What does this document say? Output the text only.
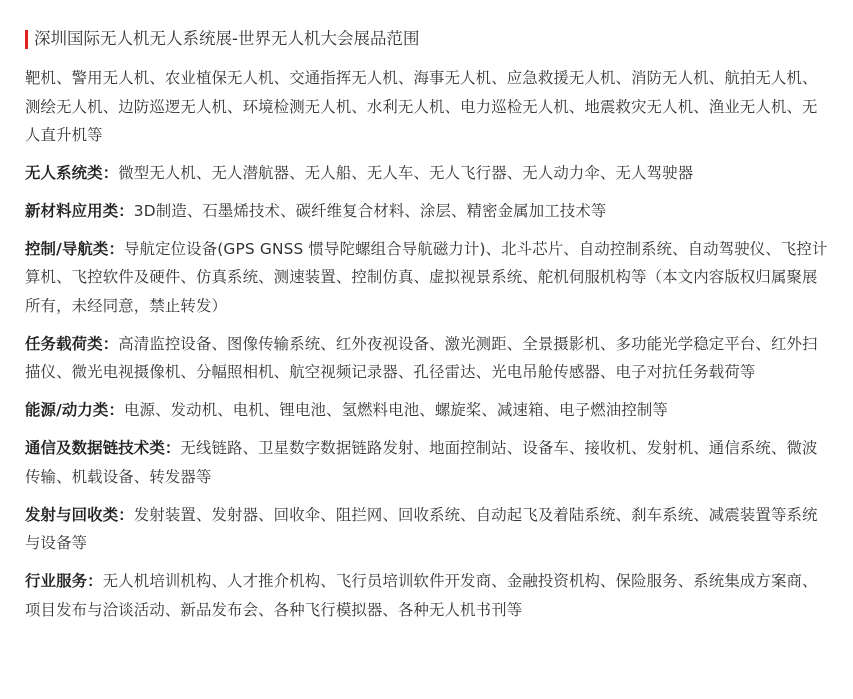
深圳国际无人机无人系统展-世界无人机大会展品范围

靶机、警用无人机、农业植保无人机、交通指挥无人机、海事无人机、应急救援无人机、消防无人机、航拍无人机、测绘无人机、边防巡逻无人机、环境检测无人机、水利无人机、电力巡检无人机、地震救灾无人机、渔业无人机、无人直升机等

无人系统类：微型无人机、无人潜航器、无人船、无人车、无人飞行器、无人动力伞、无人驾驶器

新材料应用类：3D制造、石墨烯技术、碳纤维复合材料、涂层、精密金属加工技术等

控制/导航类：导航定位设备(GPS GNSS 惯导陀螺组合导航磁力计)、北斗芯片、自动控制系统、自动驾驶仪、飞控计算机、飞控软件及硬件、仿真系统、测速装置、控制仿真、虚拟视景系统、舵机伺服机构等（本文内容版权归属聚展所有，未经同意，禁止转发）

任务载荷类：高清监控设备、图像传输系统、红外夜视设备、激光测距、全景摄影机、多功能光学稳定平台、红外扫描仪、微光电视摄像机、分幅照相机、航空视频记录器、孔径雷达、光电吊舱传感器、电子对抗任务载荷等

能源/动力类：电源、发动机、电机、锂电池、氢燃料电池、螺旋桨、减速箱、电子燃油控制等

通信及数据链技术类：无线链路、卫星数字数据链路发射、地面控制站、设备车、接收机、发射机、通信系统、微波传输、机载设备、转发器等

发射与回收类：发射装置、发射器、回收伞、阻拦网、回收系统、自动起飞及着陆系统、刹车系统、减震装置等系统与设备等

行业服务：无人机培训机构、人才推介机构、飞行员培训软件开发商、金融投资机构、保险服务、系统集成方案商、项目发布与洽谈活动、新品发布会、各种飞行模拟器、各种无人机书刊等
